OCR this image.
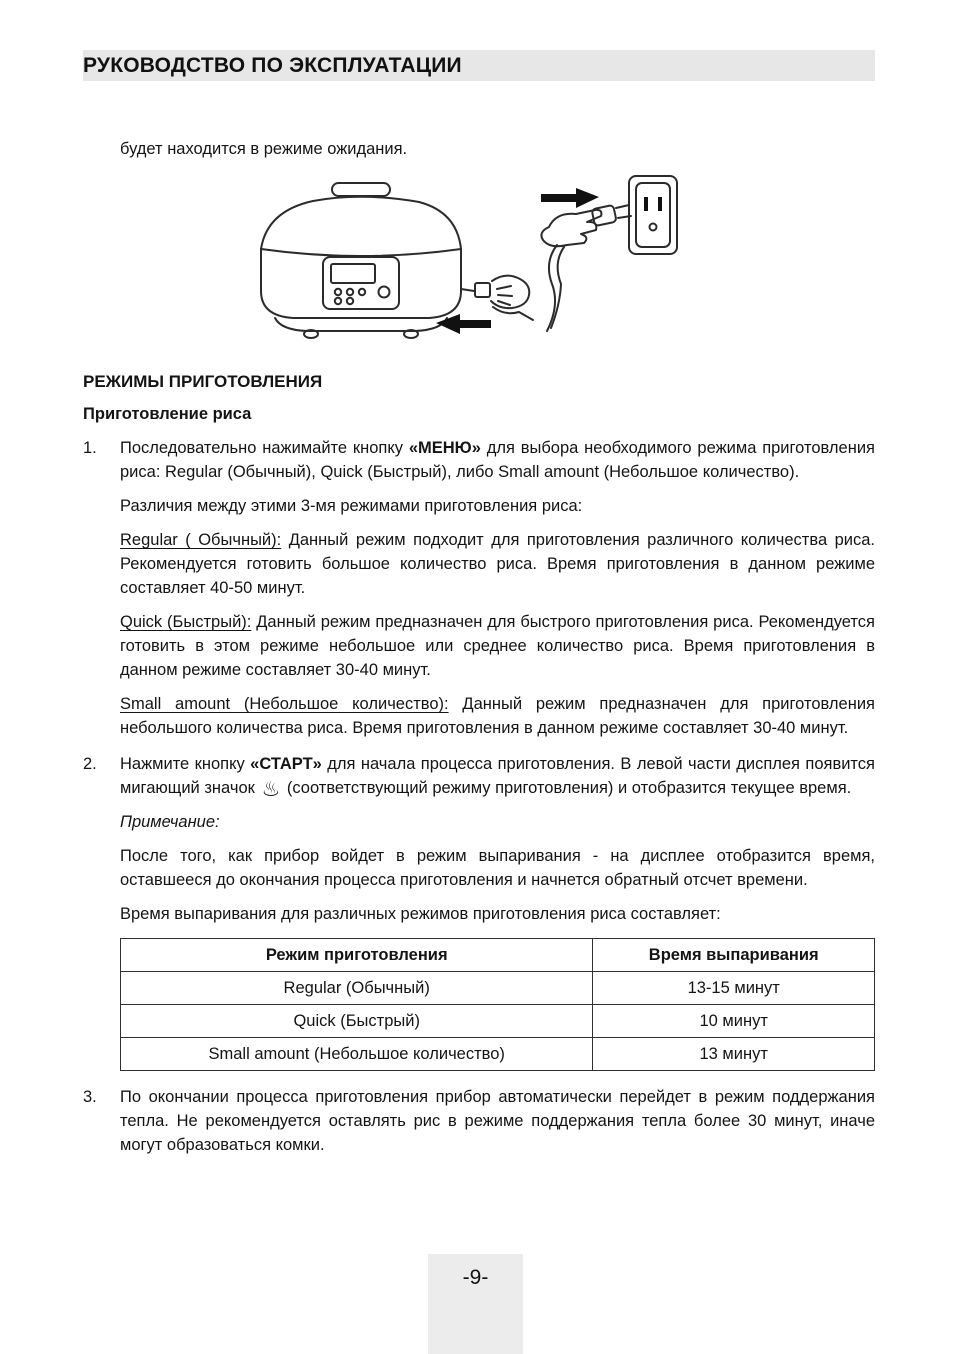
РУКОВОДСТВО ПО ЭКСПЛУАТАЦИИ

будет находится в режиме ожидания.

РЕЖИМЫ ПРИГОТОВЛЕНИЯ
Приготовление риса
1.	Последовательно нажимайте кнопку «МЕНЮ» для выбора необходимого режима приготовления риса: Regular (Обычный), Quick (Быстрый), либо Small amount (Небольшое количество).

Различия между этими 3-мя режимами приготовления риса:

Regular ( Обычный): Данный режим подходит для приготовления различного количества риса. Рекомендуется готовить большое количество риса. Время приготовления в данном режиме составляет 40-50 минут.

Quick (Быстрый): Данный режим предназначен для быстрого приготовления риса. Рекомендуется готовить в этом режиме небольшое или среднее количество риса. Время приготовления в данном режиме составляет 30-40 минут.

Small amount (Небольшое количество): Данный режим предназначен для приготовления небольшого количества риса. Время приготовления в данном режиме составляет 30-40 минут.

2.	Нажмите кнопку «СТАРТ» для начала процесса приготовления. В левой части дисплея появится мигающий значок ♨ (соответствующий режиму приготовления) и отобразится текущее время.

Примечание:

После того, как прибор войдет в режим выпаривания - на дисплее отобразится время, оставшееся до окончания процесса приготовления и начнется обратный отсчет времени.

Время выпаривания для различных режимов приготовления риса составляет:

Режим приготовления	Время выпаривания
Regular (Обычный)	13-15 минут
Quick (Быстрый)	10 минут
Small amount (Небольшое количество)	13 минут
3.	По окончании процесса приготовления прибор автоматически перейдет в режим поддержания тепла. Не рекомендуется оставлять рис в режиме поддержания тепла более 30 минут, иначе могут образоваться комки.

-9-
